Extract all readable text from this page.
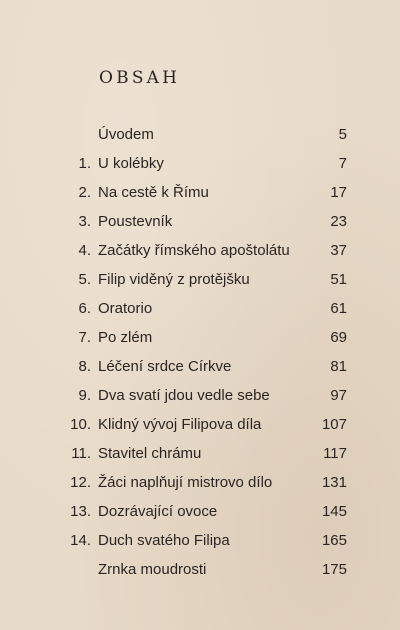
OBSAH
Úvodem	5
1. U kolébky	7
2. Na cestě k Římu	17
3. Poustevník	23
4. Začátky římského apoštolátu	37
5. Filip viděný z protějšku	51
6. Oratorio	61
7. Po zlém	69
8. Léčení srdce Církve	81
9. Dva svatí jdou vedle sebe	97
10. Klidný vývoj Filipova díla	107
11. Stavitel chrámu	117
12. Žáci naplňují mistrovo dílo	131
13. Dozrávající ovoce	145
14. Duch svatého Filipa	165
Zrnka moudrosti	175
